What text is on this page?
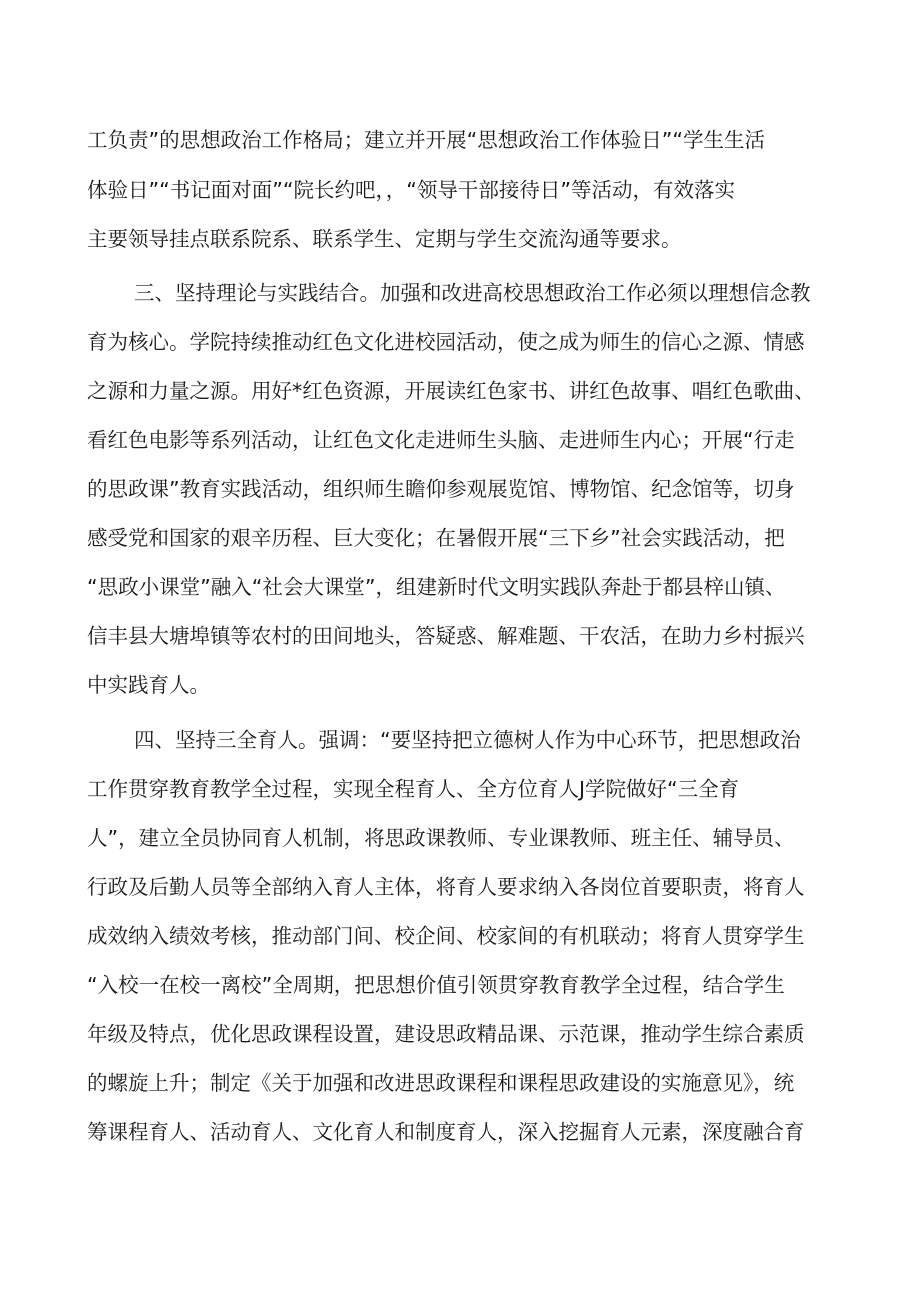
工负责”的思想政治工作格局；建立并开展“思想政治工作体验日”“学生生活
体验日”“书记面对面”“院长约吧，，“领导干部接待日”等活动，有效落实
主要领导挂点联系院系、联系学生、定期与学生交流沟通等要求。
三、坚持理论与实践结合。加强和改进高校思想政治工作必须以理想信念教
育为核心。学院持续推动红色文化进校园活动，使之成为师生的信心之源、情感
之源和力量之源。用好*红色资源，开展读红色家书、讲红色故事、唱红色歌曲、
看红色电影等系列活动，让红色文化走进师生头脑、走进师生内心；开展“行走
的思政课”教育实践活动，组织师生瞻仰参观展览馆、博物馆、纪念馆等，切身
感受党和国家的艰辛历程、巨大变化；在暑假开展“三下乡”社会实践活动，把
“思政小课堂”融入“社会大课堂”，组建新时代文明实践队奔赴于都县梓山镇、
信丰县大塘埠镇等农村的田间地头，答疑惑、解难题、干农活，在助力乡村振兴
中实践育人。
四、坚持三全育人。强调：“要坚持把立德树人作为中心环节，把思想政治
工作贯穿教育教学全过程，实现全程育人、全方位育人J学院做好“三全育
人”，建立全员协同育人机制，将思政课教师、专业课教师、班主任、辅导员、
行政及后勤人员等全部纳入育人主体，将育人要求纳入各岗位首要职责，将育人
成效纳入绩效考核，推动部门间、校企间、校家间的有机联动；将育人贯穿学生
“入校一在校一离校”全周期，把思想价值引领贯穿教育教学全过程，结合学生
年级及特点，优化思政课程设置，建设思政精品课、示范课，推动学生综合素质
的螺旋上升；制定《关于加强和改进思政课程和课程思政建设的实施意见》，统
筹课程育人、活动育人、文化育人和制度育人，深入挖掘育人元素，深度融合育
